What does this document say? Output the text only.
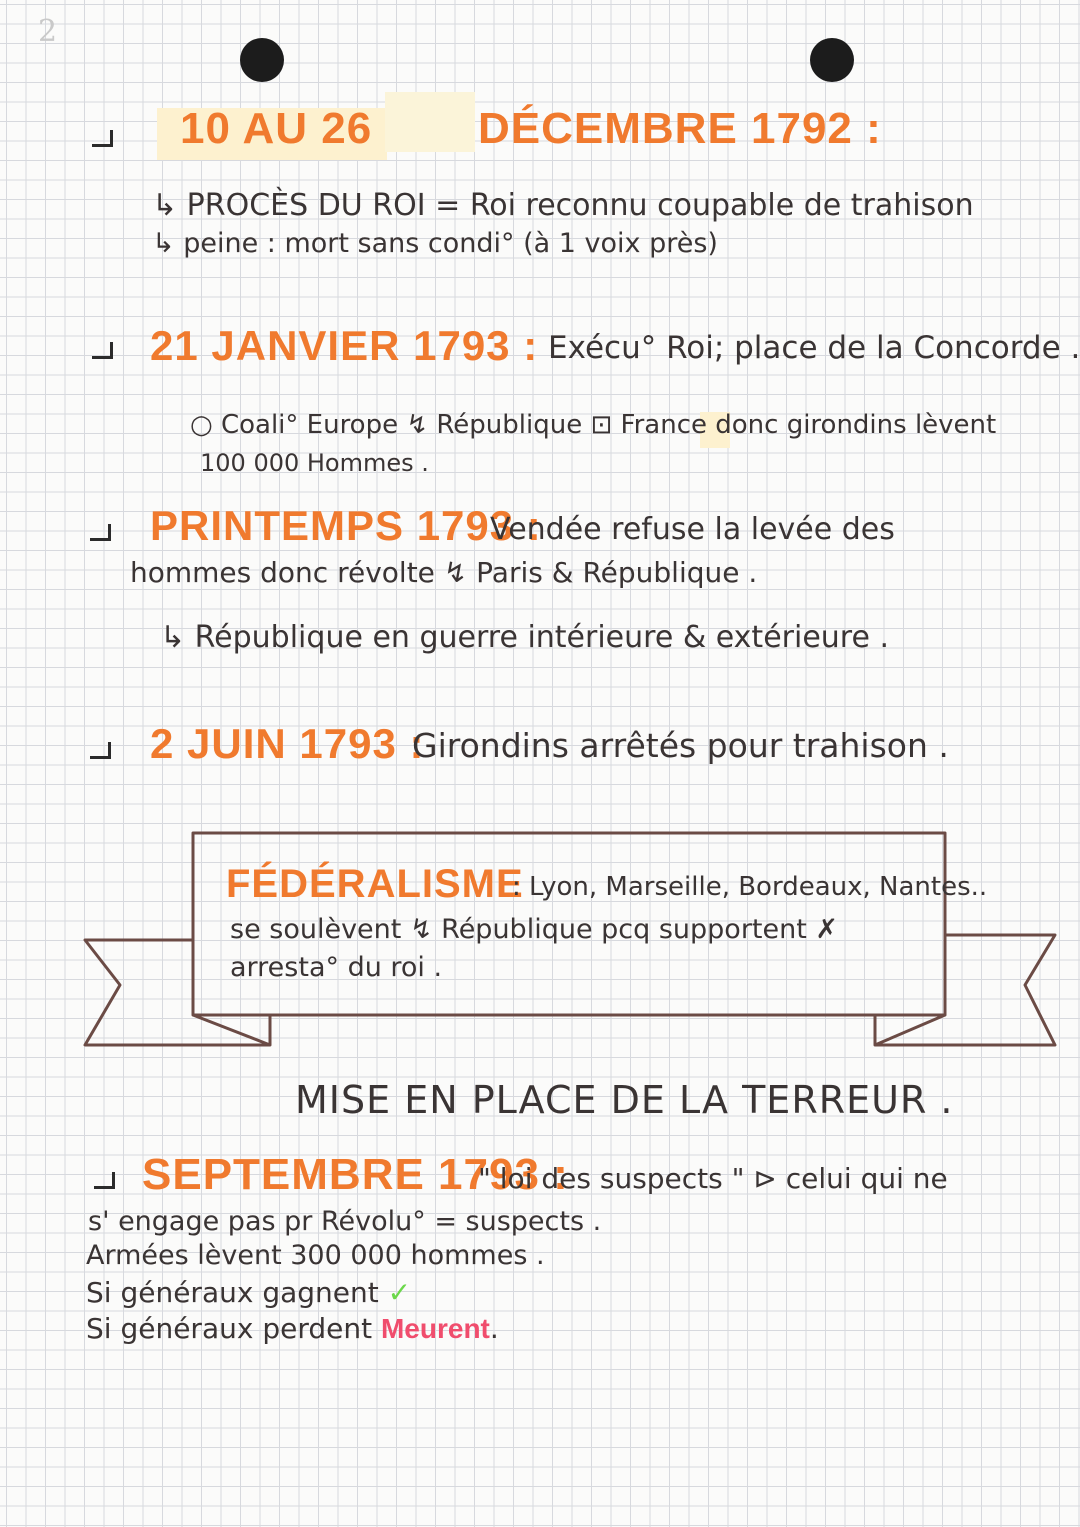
2
10 AU 26 DÉCEMBRE 1792 :
↳ PROCÈS DU ROI = Roi reconnu coupable de trahison
↳ peine : mort sans condi° (à 1 voix près)
21 JANVIER 1793 : Exécu° Roi; place de la Concorde .
○ Coali° Europe ↯ République ⊡ France donc girondins lèvent
100 000 Hommes .
PRINTEMPS 1793 :
Vendée refuse la levée des
hommes donc révolte ↯ Paris & République .
↳ République en guerre intérieure & extérieure .
2 JUIN 1793 :
Girondins arrêtés pour trahison .
FÉDÉRALISME
: Lyon, Marseille, Bordeaux, Nantes..
se soulèvent ↯ République pcq supportent ✗
arresta° du roi .
MISE EN PLACE DE LA TERREUR .
SEPTEMBRE 1793 :
" loi des suspects " ⊳ celui qui ne
s' engage pas pr Révolu° = suspects .
Armées lèvent 300 000 hommes .
Si généraux gagnent ✓
Si généraux perdent Meurent.
